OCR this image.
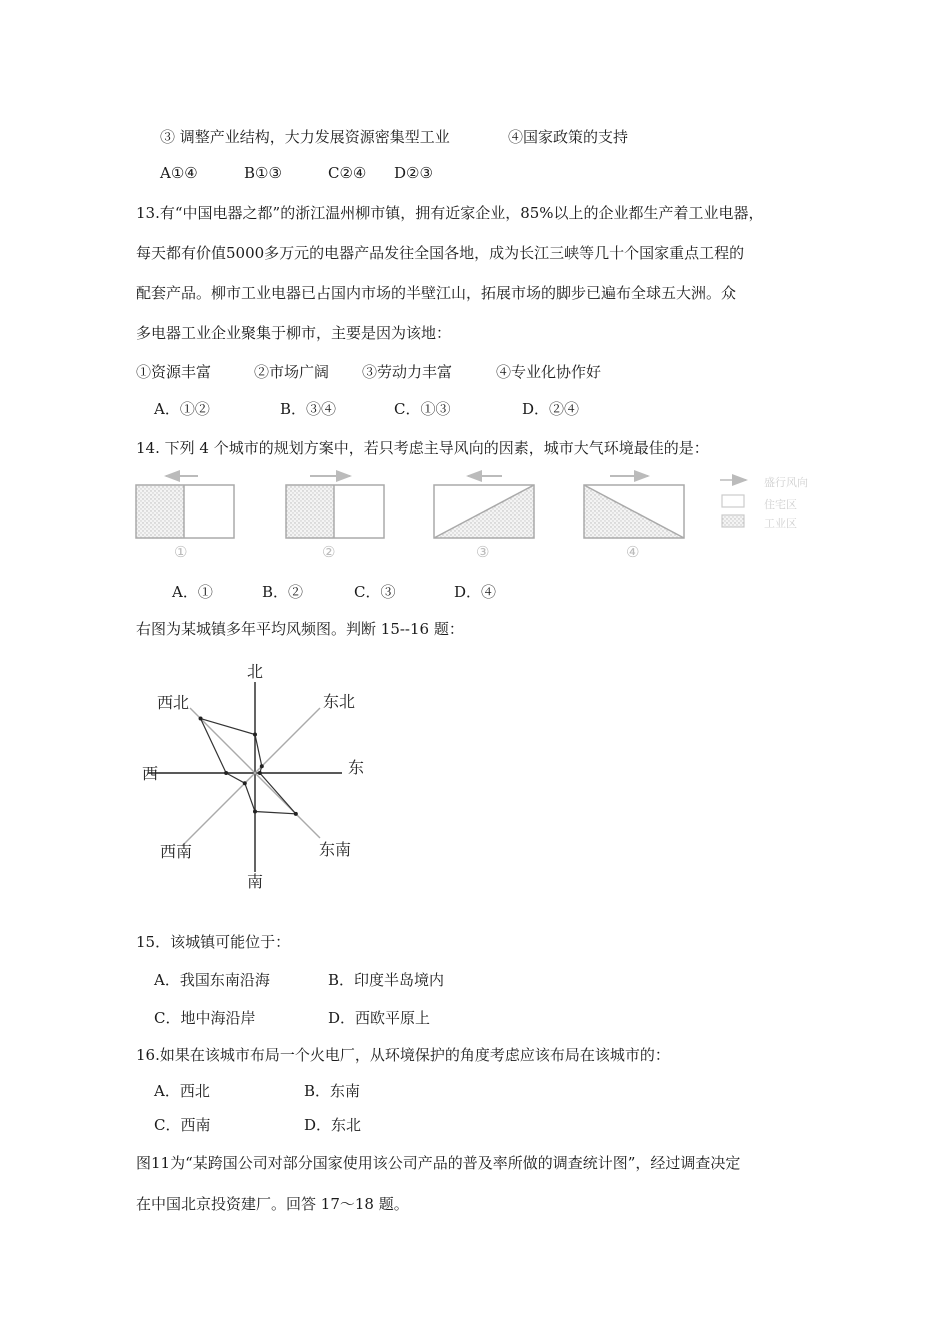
③ 调整产业结构，大力发展资源密集型工业	④国家政策的支持
A①④	B①③	C②④ D②③
13.有“中国电器之都”的浙江温州柳市镇，拥有近家企业，85%以上的企业都生产着工业电器，
每天都有价值5000多万元的电器产品发往全国各地，成为长江三峡等几十个国家重点工程的
配套产品。柳市工业电器已占国内市场的半壁江山，拓展市场的脚步已遍布全球五大洲。众
多电器工业企业聚集于柳市，主要是因为该地：
①资源丰富	②市场广阔 ③劳动力丰富	④专业化协作好
A．①②	B．③④	C．①③	D．②④
14. 下列 4 个城市的规划方案中，若只考虑主导风向的因素，城市大气环境最佳的是：
盛行风向
住宅区
工业区
①	②	③	④
A．①	B．②	C．③	D．④
右图为某城镇多年平均风频图。判断 15--16 题：
北
东北
东
东南
南
西南
西
西北
15．该城镇可能位于：
A．我国东南沿海	B．印度半岛境内
C．地中海沿岸	D．西欧平原上
16.如果在该城市布局一个火电厂，从环境保护的角度考虑应该布局在该城市的：
A．西北	B．东南
C．西南	D．东北
图11为“某跨国公司对部分国家使用该公司产品的普及率所做的调查统计图”，经过调查决定
在中国北京投资建厂。回答 17～18 题。
